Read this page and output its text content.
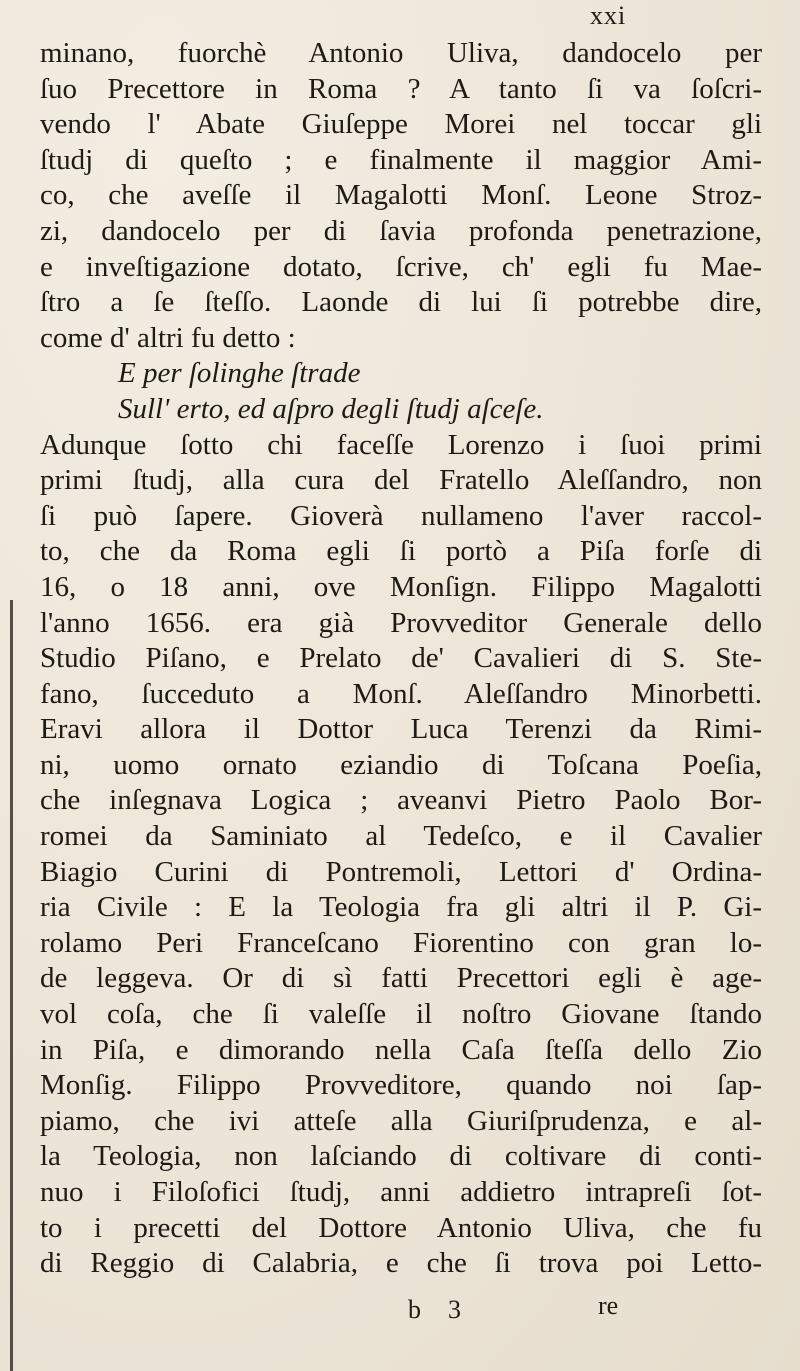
xxi
minano, fuorchè Antonio Uliva, dandocelo per
ſuo Precettore in Roma ? A tanto ſi va ſoſcri-
vendo l' Abate Giuſeppe Morei nel toccar gli
ſtudj di queſto ; e finalmente il maggior Ami-
co, che aveſſe il Magalotti Monſ. Leone Stroz-
zi, dandocelo per di ſavia profonda penetrazione,
e inveſtigazione dotato, ſcrive, ch' egli fu Mae-
ſtro a ſe ſteſſo. Laonde di lui ſi potrebbe dire,
come d' altri fu detto :
E per ſolinghe ſtrade
Sull' erto, ed aſpro degli ſtudj aſceſe.
Adunque ſotto chi faceſſe Lorenzo i ſuoi primi
primi ſtudj, alla cura del Fratello Aleſſandro, non
ſi può ſapere. Gioverà nullameno l'aver raccol-
to, che da Roma egli ſi portò a Piſa forſe di
16, o 18 anni, ove Monſign. Filippo Magalotti
l'anno 1656. era già Provveditor Generale dello
Studio Piſano, e Prelato de' Cavalieri di S. Ste-
fano, ſucceduto a Monſ. Aleſſandro Minorbetti.
Eravi allora il Dottor Luca Terenzi da Rimi-
ni, uomo ornato eziandio di Toſcana Poeſia,
che inſegnava Logica ; aveanvi Pietro Paolo Bor-
romei da Saminiato al Tedeſco, e il Cavalier
Biagio Curini di Pontremoli, Lettori d' Ordina-
ria Civile : E la Teologia fra gli altri il P. Gi-
rolamo Peri Franceſcano Fiorentino con gran lo-
de leggeva. Or di sì fatti Precettori egli è age-
vol coſa, che ſi valeſſe il noſtro Giovane ſtando
in Piſa, e dimorando nella Caſa ſteſſa dello Zio
Monſig. Filippo Provveditore, quando noi ſap-
piamo, che ivi atteſe alla Giuriſprudenza, e al-
la Teologia, non laſciando di coltivare di conti-
nuo i Filoſofici ſtudj, anni addietro intrapreſi ſot-
to i precetti del Dottore Antonio Uliva, che fu
di Reggio di Calabria, e che ſi trova poi Letto-
b 3	re
